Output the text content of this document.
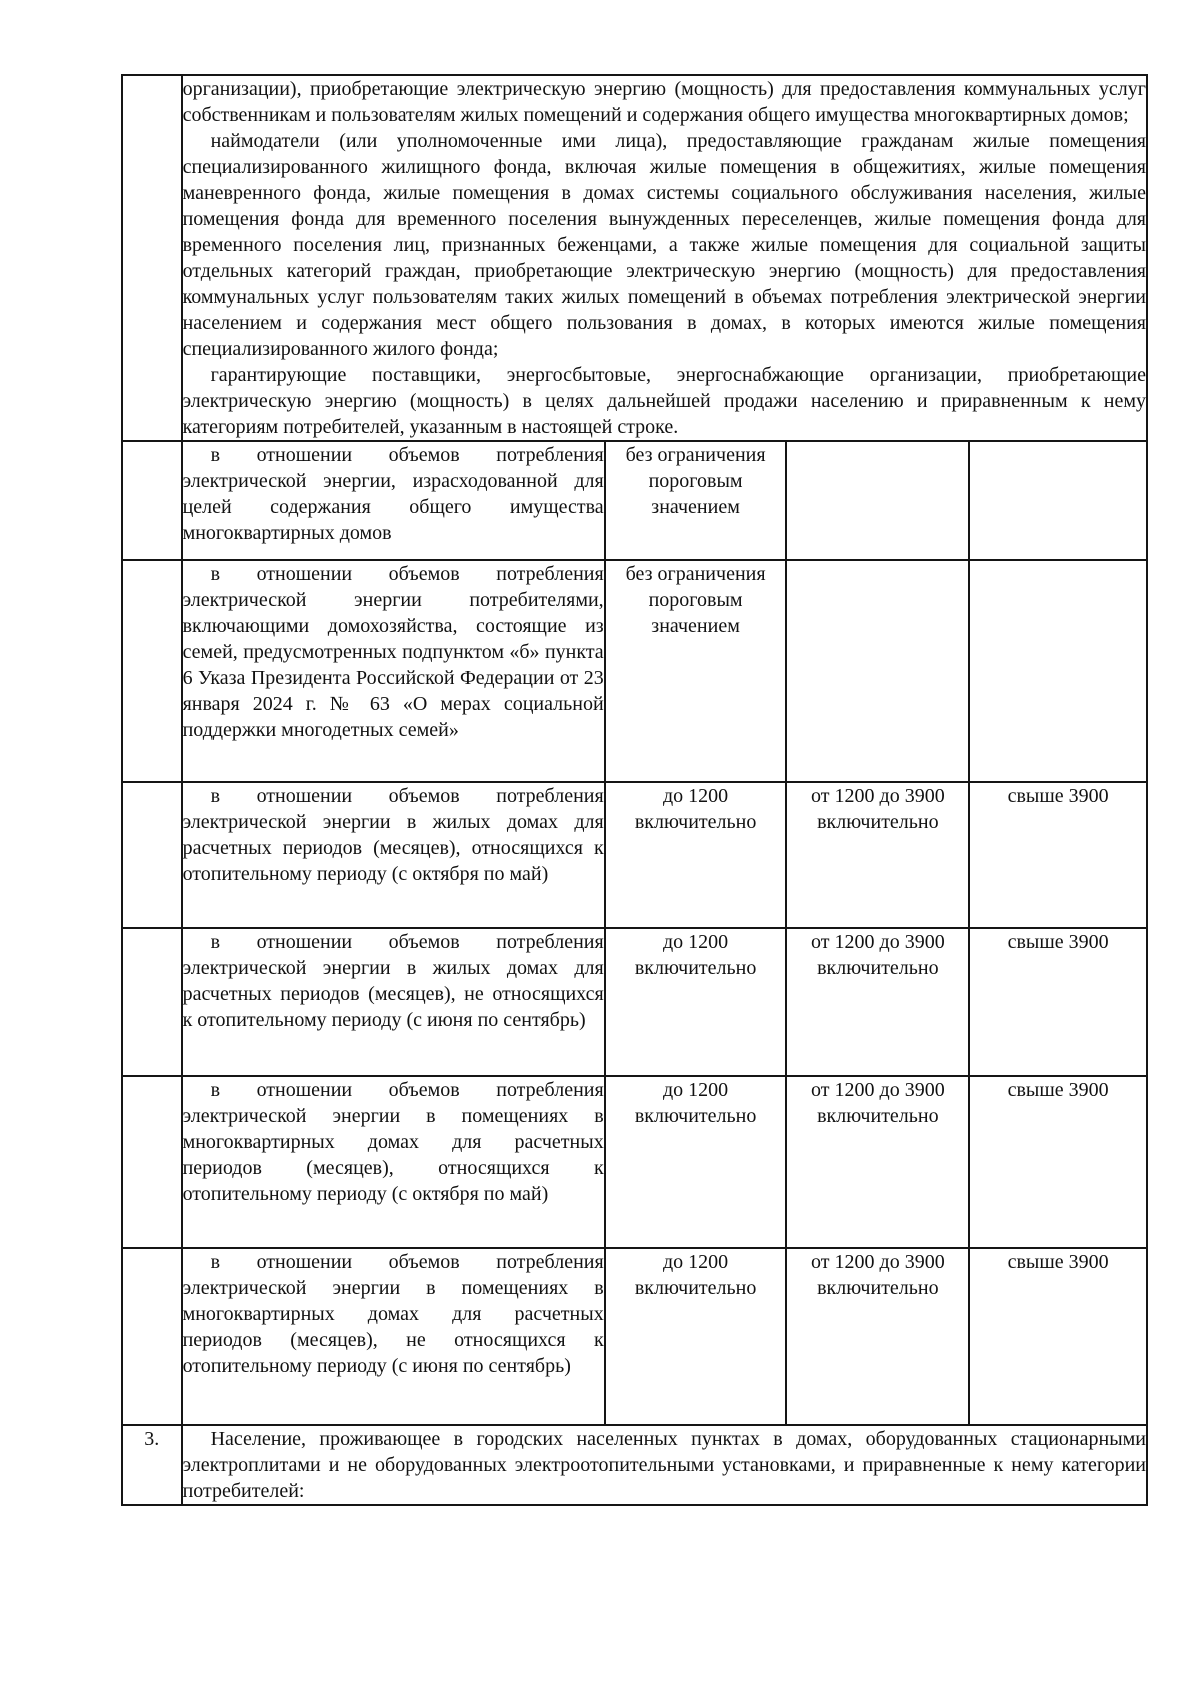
	организации), приобретающие электрическую энергию (мощность) для предоставления коммунальных услуг собственникам и пользователям жилых помещений и содержания общего имущества многоквартирных домов;

наймодатели (или уполномоченные ими лица), предоставляющие гражданам жилые помещения специализированного жилищного фонда, включая жилые помещения в общежитиях, жилые помещения маневренного фонда, жилые помещения в домах системы социального обслуживания населения, жилые помещения фонда для временного поселения вынужденных переселенцев, жилые помещения фонда для временного поселения лиц, признанных беженцами, а также жилые помещения для социальной защиты отдельных категорий граждан, приобретающие электрическую энергию (мощность) для предоставления коммунальных услуг пользователям таких жилых помещений в объемах потребления электрической энергии населением и содержания мест общего пользования в домах, в которых имеются жилые помещения специализированного жилого фонда;

гарантирующие поставщики, энергосбытовые, энергоснабжающие организации, приобретающие электрическую энергию (мощность) в целях дальнейшей продажи населению и приравненным к нему категориям потребителей, указанным в настоящей строке.			

	в отношении объемов потребления электрической энергии, израсходованной для целей содержания общего имущества многоквартирных домов	без ограничения пороговым значением		

	в отношении объемов потребления электрической энергии потребителями, включающими домохозяйства, состоящие из семей, предусмотренных подпунктом «б» пункта 6 Указа Президента Российской Федерации от 23 января 2024 г. № 63 «О мерах социальной поддержки многодетных семей»	без ограничения пороговым значением		

	в отношении объемов потребления электрической энергии в жилых домах для расчетных периодов (месяцев), относящихся к отопительному периоду (с октября по май)	до 1200 включительно	от 1200 до 3900 включительно	свыше 3900

	в отношении объемов потребления электрической энергии в жилых домах для расчетных периодов (месяцев), не относящихся к отопительному периоду (с июня по сентябрь)	до 1200 включительно	от 1200 до 3900 включительно	свыше 3900

	в отношении объемов потребления электрической энергии в помещениях в многоквартирных домах для расчетных периодов (месяцев), относящихся к отопительному периоду (с октября по май)	до 1200 включительно	от 1200 до 3900 включительно	свыше 3900

	в отношении объемов потребления электрической энергии в помещениях в многоквартирных домах для расчетных периодов (месяцев), не относящихся к отопительному периоду (с июня по сентябрь)	до 1200 включительно	от 1200 до 3900 включительно	свыше 3900
3.	Население, проживающее в городских населенных пунктах в домах, оборудованных стационарными электроплитами и не оборудованных электроотопительными установками, и приравненные к нему категории потребителей:			
